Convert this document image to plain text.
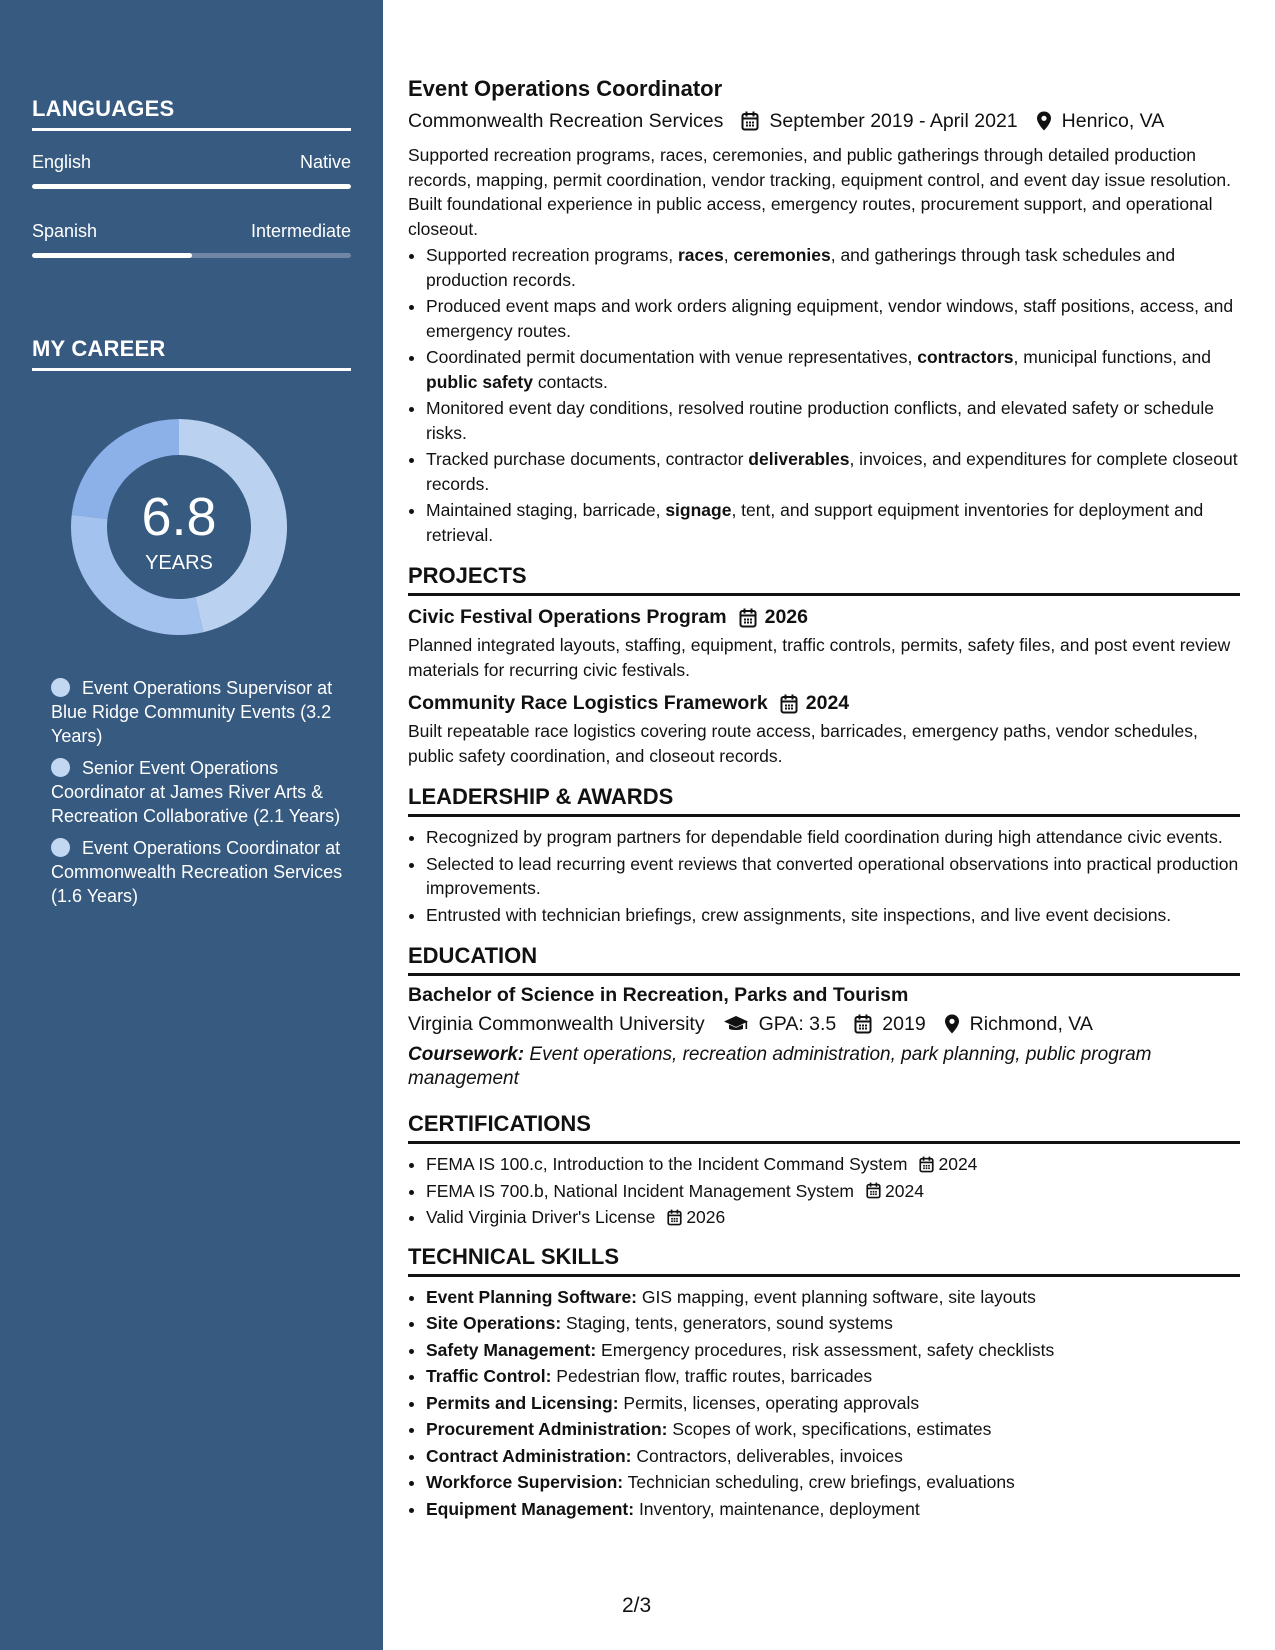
LANGUAGES
English	Native
Spanish	Intermediate
MY CAREER
6.8
YEARS
Event Operations Supervisor at Blue Ridge Community Events (3.2 Years)
Senior Event Operations Coordinator at James River Arts & Recreation Collaborative (2.1 Years)
Event Operations Coordinator at Commonwealth Recreation Services (1.6 Years)
Event Operations Coordinator
Commonwealth Recreation Services September 2019 - April 2021 Henrico, VA
Supported recreation programs, races, ceremonies, and public gatherings through detailed production records, mapping, permit coordination, vendor tracking, equipment control, and event day issue resolution. Built foundational experience in public access, emergency routes, procurement support, and operational closeout.
• Supported recreation programs, races, ceremonies, and gatherings through task schedules and production records.
• Produced event maps and work orders aligning equipment, vendor windows, staff positions, access, and emergency routes.
• Coordinated permit documentation with venue representatives, contractors, municipal functions, and public safety contacts.
• Monitored event day conditions, resolved routine production conflicts, and elevated safety or schedule risks.
• Tracked purchase documents, contractor deliverables, invoices, and expenditures for complete closeout records.
• Maintained staging, barricade, signage, tent, and support equipment inventories for deployment and retrieval.
PROJECTS
Civic Festival Operations Program 2026
Planned integrated layouts, staffing, equipment, traffic controls, permits, safety files, and post event review materials for recurring civic festivals.
Community Race Logistics Framework 2024
Built repeatable race logistics covering route access, barricades, emergency paths, vendor schedules, public safety coordination, and closeout records.
LEADERSHIP & AWARDS
• Recognized by program partners for dependable field coordination during high attendance civic events.
• Selected to lead recurring event reviews that converted operational observations into practical production improvements.
• Entrusted with technician briefings, crew assignments, site inspections, and live event decisions.
EDUCATION
Bachelor of Science in Recreation, Parks and Tourism
Virginia Commonwealth University	GPA: 3.5 2019 Richmond, VA
Coursework: Event operations, recreation administration, park planning, public program management
CERTIFICATIONS
• FEMA IS 100.c, Introduction to the Incident Command System 2024
• FEMA IS 700.b, National Incident Management System 2024
• Valid Virginia Driver's License 2026
TECHNICAL SKILLS
• Event Planning Software: GIS mapping, event planning software, site layouts
• Site Operations: Staging, tents, generators, sound systems
• Safety Management: Emergency procedures, risk assessment, safety checklists
• Traffic Control: Pedestrian flow, traffic routes, barricades
• Permits and Licensing: Permits, licenses, operating approvals
• Procurement Administration: Scopes of work, specifications, estimates
• Contract Administration: Contractors, deliverables, invoices
• Workforce Supervision: Technician scheduling, crew briefings, evaluations
• Equipment Management: Inventory, maintenance, deployment
2/3
